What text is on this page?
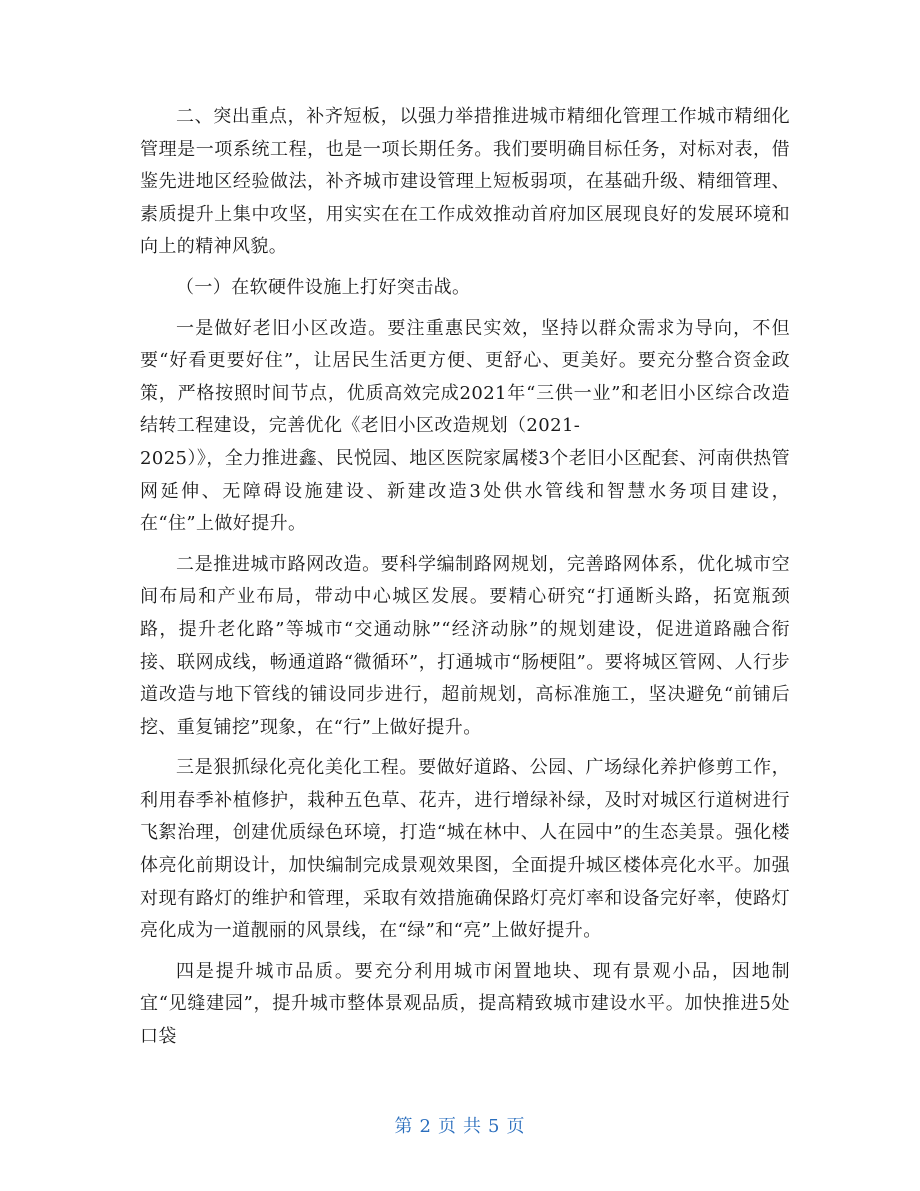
二、突出重点，补齐短板，以强力举措推进城市精细化管理工作城市精细化管理是一项系统工程，也是一项长期任务。我们要明确目标任务，对标对表，借鉴先进地区经验做法，补齐城市建设管理上短板弱项，在基础升级、精细管理、素质提升上集中攻坚，用实实在在工作成效推动首府加区展现良好的发展环境和向上的精神风貌。

（一）在软硬件设施上打好突击战。

一是做好老旧小区改造。要注重惠民实效，坚持以群众需求为导向，不但要“好看更要好住”，让居民生活更方便、更舒心、更美好。要充分整合资金政策，严格按照时间节点，优质高效完成2021年“三供一业”和老旧小区综合改造结转工程建设，完善优化《老旧小区改造规划（2021-

2025）》，全力推进鑫、民悦园、地区医院家属楼3个老旧小区配套、河南供热管网延伸、无障碍设施建设、新建改造3处供水管线和智慧水务项目建设，在“住”上做好提升。

二是推进城市路网改造。要科学编制路网规划，完善路网体系，优化城市空间布局和产业布局，带动中心城区发展。要精心研究“打通断头路，拓宽瓶颈路，提升老化路”等城市“交通动脉”“经济动脉”的规划建设，促进道路融合衔接、联网成线，畅通道路“微循环”，打通城市“肠梗阻”。要将城区管网、人行步道改造与地下管线的铺设同步进行，超前规划，高标准施工，坚决避免“前铺后挖、重复铺挖”现象，在“行”上做好提升。

三是狠抓绿化亮化美化工程。要做好道路、公园、广场绿化养护修剪工作，利用春季补植修护，栽种五色草、花卉，进行增绿补绿，及时对城区行道树进行飞絮治理，创建优质绿色环境，打造“城在林中、人在园中”的生态美景。强化楼体亮化前期设计，加快编制完成景观效果图，全面提升城区楼体亮化水平。加强对现有路灯的维护和管理，采取有效措施确保路灯亮灯率和设备完好率，使路灯亮化成为一道靓丽的风景线，在“绿”和“亮”上做好提升。

四是提升城市品质。要充分利用城市闲置地块、现有景观小品，因地制宜“见缝建园”，提升城市整体景观品质，提高精致城市建设水平。加快推进5处口袋

第 2 页 共 5 页
